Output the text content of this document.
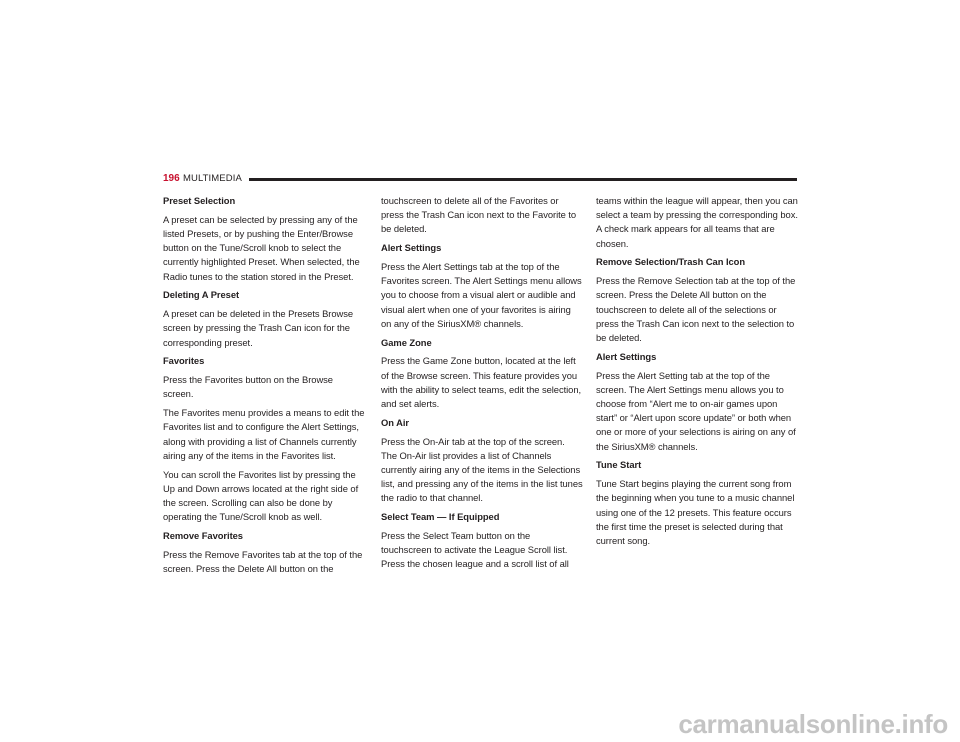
196 MULTIMEDIA
Preset Selection

A preset can be selected by pressing any of the listed Presets, or by pushing the Enter/Browse button on the Tune/Scroll knob to select the currently highlighted Preset. When selected, the Radio tunes to the station stored in the Preset.

Deleting A Preset

A preset can be deleted in the Presets Browse screen by pressing the Trash Can icon for the corresponding preset.

Favorites

Press the Favorites button on the Browse screen.

The Favorites menu provides a means to edit the Favorites list and to configure the Alert Settings, along with providing a list of Channels currently airing any of the items in the Favorites list.

You can scroll the Favorites list by pressing the Up and Down arrows located at the right side of the screen. Scrolling can also be done by operating the Tune/Scroll knob as well.

Remove Favorites

Press the Remove Favorites tab at the top of the screen. Press the Delete All button on the

touchscreen to delete all of the Favorites or press the Trash Can icon next to the Favorite to be deleted.

Alert Settings

Press the Alert Settings tab at the top of the Favorites screen. The Alert Settings menu allows you to choose from a visual alert or audible and visual alert when one of your favorites is airing on any of the SiriusXM® channels.

Game Zone

Press the Game Zone button, located at the left of the Browse screen. This feature provides you with the ability to select teams, edit the selection, and set alerts.

On Air

Press the On-Air tab at the top of the screen. The On-Air list provides a list of Channels currently airing any of the items in the Selections list, and pressing any of the items in the list tunes the radio to that channel.

Select Team — If Equipped

Press the Select Team button on the touchscreen to activate the League Scroll list. Press the chosen league and a scroll list of all

teams within the league will appear, then you can select a team by pressing the corresponding box. A check mark appears for all teams that are chosen.

Remove Selection/Trash Can Icon

Press the Remove Selection tab at the top of the screen. Press the Delete All button on the touchscreen to delete all of the selections or press the Trash Can icon next to the selection to be deleted.

Alert Settings

Press the Alert Setting tab at the top of the screen. The Alert Settings menu allows you to choose from “Alert me to on-air games upon start” or “Alert upon score update” or both when one or more of your selections is airing on any of the SiriusXM® channels.

Tune Start

Tune Start begins playing the current song from the beginning when you tune to a music channel using one of the 12 presets. This feature occurs the first time the preset is selected during that current song.

carmanualsonline.info
